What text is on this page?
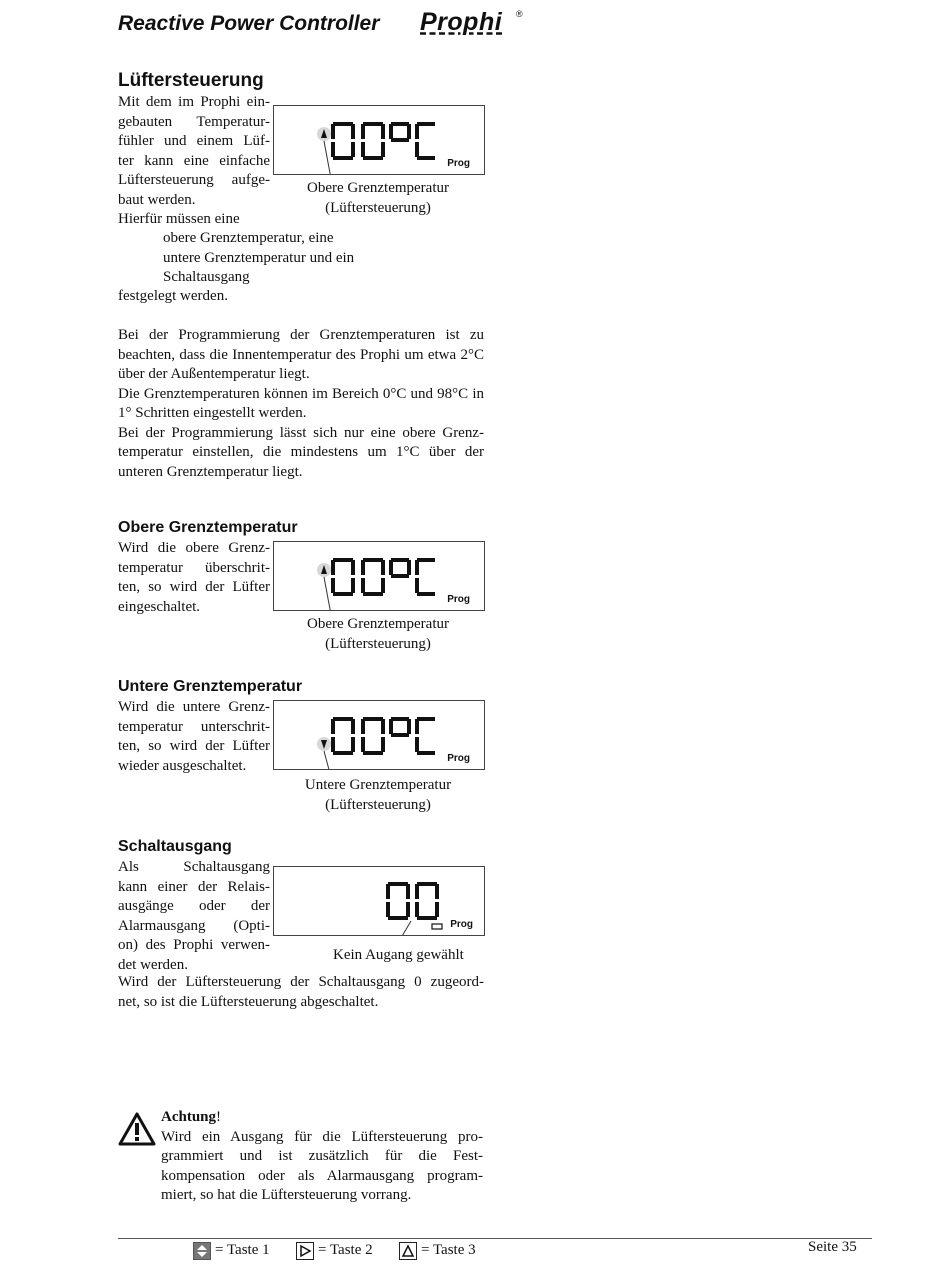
Reactive Power Controller Prophi ®
Lüftersteuerung
Mit dem im Prophi ein-
gebauten Temperatur-
fühler und einem Lüf-
ter kann eine einfache
Lüftersteuerung aufge-
baut werden.
Hierfür müssen eine
obere Grenztemperatur, eine
untere Grenztemperatur und ein
Schaltausgang
festgelegt werden.
Prog
Obere Grenztemperatur
(Lüftersteuerung)
Bei der Programmierung der Grenztemperaturen ist zu beachten, dass die Innentemperatur des Prophi um etwa 2°C über der Außentemperatur liegt.
Die Grenztemperaturen können im Bereich 0°C und 98°C in 1° Schritten eingestellt werden.
Bei der Programmierung lässt sich nur eine obere Grenz-temperatur einstellen, die mindestens um 1°C über der unteren Grenztemperatur liegt.
Obere Grenztemperatur
Wird die obere Grenz-
temperatur überschrit-
ten, so wird der Lüfter
eingeschaltet.	Prog
Obere Grenztemperatur
(Lüftersteuerung)
Untere Grenztemperatur
Wird die untere Grenz-
temperatur unterschrit-
ten, so wird der Lüfter
wieder ausgeschaltet.	Prog
Untere Grenztemperatur
(Lüftersteuerung)
Schaltausgang
Als Schaltausgang
kann einer der Relais-
ausgänge oder der
Alarmausgang (Opti-
on) des Prophi verwen-
det werden.
Prog
Kein Augang gewählt
Wird der Lüftersteuerung der Schaltausgang 0 zugeord-
net, so ist die Lüftersteuerung abgeschaltet.
Achtung!
Wird ein Ausgang für die Lüftersteuerung pro-
grammiert und ist zusätzlich für die Fest-
kompensation oder als Alarmausgang program-
miert, so hat die Lüftersteuerung vorrang.
= Taste 1	= Taste 2	= Taste 3	Seite 35
